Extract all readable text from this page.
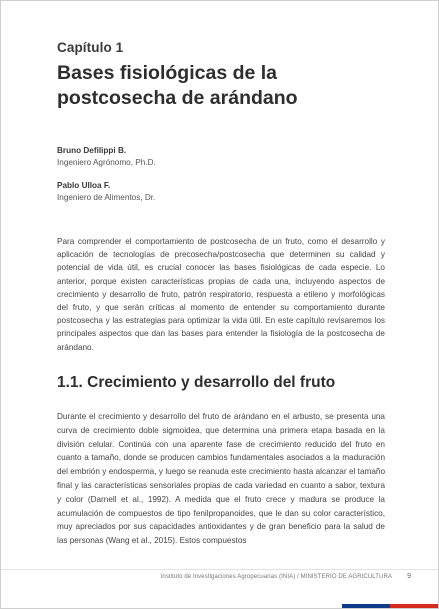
Capítulo 1
Bases fisiológicas de la postcosecha de arándano
Bruno Defilippi B.
Ingeniero Agrónomo, Ph.D.
Pablo Ulloa F.
Ingeniero de Alimentos, Dr.

Para comprender el comportamiento de postcosecha de un fruto, como el desarrollo y aplicación de tecnologías de precosecha/postcosecha que determinen su calidad y potencial de vida útil, es crucial conocer las bases fisiológicas de cada especie. Lo anterior, porque existen características propias de cada una, incluyendo aspectos de crecimiento y desarrollo de fruto, patrón respiratorio, respuesta a etileno y morfológicas del fruto, y que serán críticas al momento de entender su comportamiento durante postcosecha y las estrategias para optimizar la vida útil. En este capítulo revisaremos los principales aspectos que dan las bases para entender la fisiología de la postcosecha de arándano.

1.1. Crecimiento y desarrollo del fruto

Durante el crecimiento y desarrollo del fruto de arándano en el arbusto, se presenta una curva de crecimiento doble sigmoidea, que determina una primera etapa basada en la división celular. Continúa con una aparente fase de crecimiento reducido del fruto en cuanto a tamaño, donde se producen cambios fundamentales asociados a la maduración del embrión y endosperma, y luego se reanuda este crecimiento hasta alcanzar el tamaño final y las características sensoriales propias de cada variedad en cuanto a sabor, textura y color (Darnell et al., 1992). A medida que el fruto crece y madura se produce la acumulación de compuestos de tipo fenilpropanoides, que le dan su color característico, muy apreciados por sus capacidades antioxidantes y de gran beneficio para la salud de las personas (Wang et al., 2015). Estos compuestos

Instituto de Investigaciones Agropecuarias (INIA) / MINISTERIO DE AGRICULTURA 9
